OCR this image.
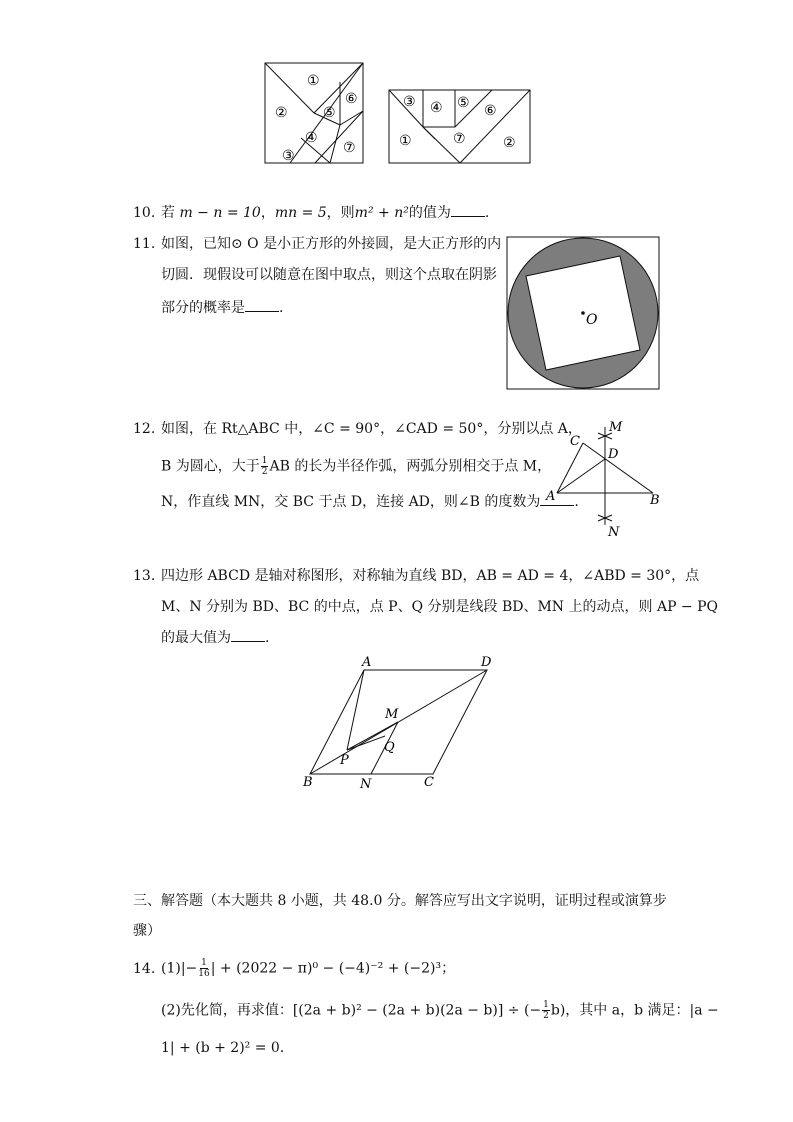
①
②
⑥
⑤
④
③	⑦
③ ④ ⑤ ⑥
①	⑦	②
10. 若 m − n = 10，mn = 5，则m² + n²的值为 .
11. 如图，已知⊙ O 是小正方形的外接圆，是大正方形的内
切圆．现假设可以随意在图中取点，则这个点取在阴影
部分的概率是 .
O
12. 如图，在 Rt△ABC 中，∠C = 90°，∠CAD = 50°，分别以点 A，
B 为圆心，大于 $\frac{1}{2}$ AB 的长为半径作弧，两弧分别相交于点 M，
N，作直线 MN，交 BC 于点 D，连接 AD，则∠B 的度数为 .
C
M
D
A	B
N
13. 四边形 ABCD 是轴对称图形，对称轴为直线 BD，AB = AD = 4，∠ABD = 30°，点
M、N 分别为 BD、BC 的中点，点 P、Q 分别是线段 BD、MN 上的动点，则 AP − PQ
的最大值为 .
A	D
M
P
Q
B	N	C
三、解答题（本大题共 8 小题，共 48.0 分。解答应写出文字说明，证明过程或演算步
骤）
14. $(1)|- \frac{1}{16}$ | + (2022 − π)⁰ − (−4)⁻² + (−2)³；
(2)先化简，再求值：[(2a + b)² − (2a + b)(2a − b)] ÷ (− $\frac{1}{2} b$)，其中 a，b 满足：|a −
1| + (b + 2)² = 0．
